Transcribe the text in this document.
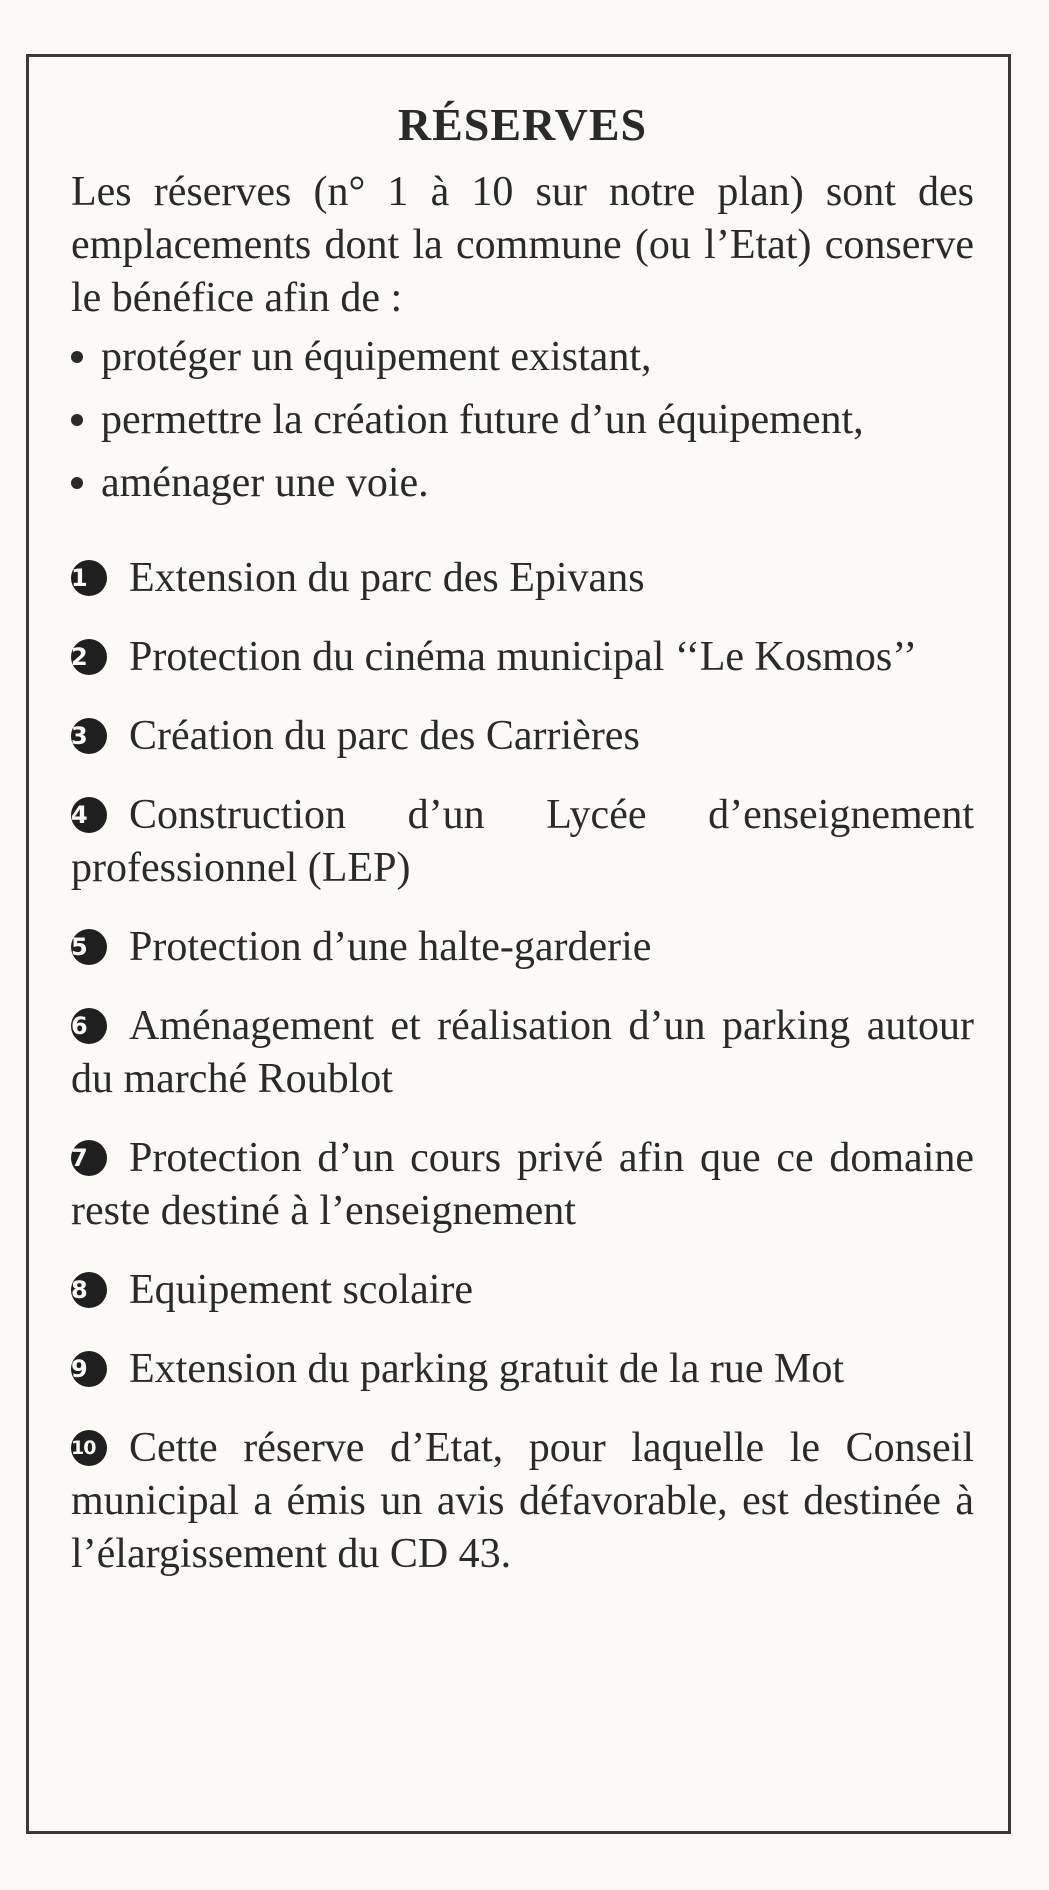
RÉSERVES

Les réserves (n° 1 à 10 sur notre plan) sont des emplacements dont la commune (ou l’Etat) conserve le bénéfice afin de :

protéger un équipement existant,
permettre la création future d’un équipement,
aménager une voie.
1 Extension du parc des Epivans
2 Protection du cinéma municipal ‘‘Le Kosmos’’
3 Création du parc des Carrières
4 Construction d’un Lycée d’enseignement professionnel (LEP)
5 Protection d’une halte-garderie
6 Aménagement et réalisation d’un parking autour du marché Roublot
7 Protection d’un cours privé afin que ce domaine reste destiné à l’enseignement
8 Equipement scolaire
9 Extension du parking gratuit de la rue Mot
10 Cette réserve d’Etat, pour laquelle le Conseil municipal a émis un avis défavorable, est destinée à l’élargissement du CD 43.
